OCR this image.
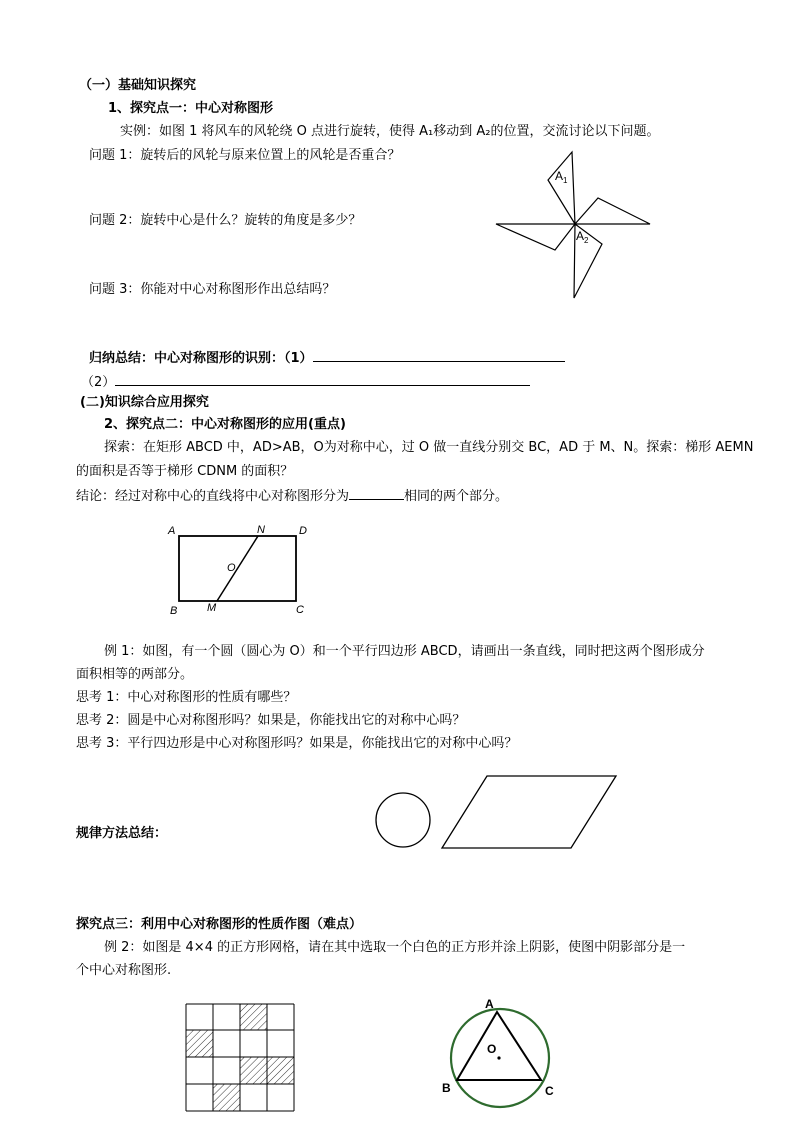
（一）基础知识探究
1、探究点一：中心对称图形
实例：如图 1 将风车的风轮绕 O 点进行旋转，使得 A₁移动到 A₂的位置，交流讨论以下问题。
问题 1：旋转后的风轮与原来位置上的风轮是否重合？
问题 2：旋转中心是什么？旋转的角度是多少？
问题 3：你能对中心对称图形作出总结吗？
$A_1$
$A_2$
归纳总结：中心对称图形的识别：（1）
（2）
(二)知识综合应用探究
2、探究点二：中心对称图形的应用(重点)
探索：在矩形 ABCD 中，AD>AB，O为对称中心，过 O 做一直线分别交 BC，AD 于 M、N。探索：梯形 AEMN
的面积是否等于梯形 CDNM 的面积？
结论：经过对称中心的直线将中心对称图形分为	相同的两个部分。
A	N	D
O
B	M	C
例 1：如图，有一个圆（圆心为 O）和一个平行四边形 ABCD，请画出一条直线，同时把这两个图形成分
面积相等的两部分。
思考 1：中心对称图形的性质有哪些？
思考 2：圆是中心对称图形吗？如果是，你能找出它的对称中心吗？
思考 3：平行四边形是中心对称图形吗？如果是，你能找出它的对称中心吗？
规律方法总结：
探究点三：利用中心对称图形的性质作图（难点）
例 2：如图是 4×4 的正方形网格，请在其中选取一个白色的正方形并涂上阴影，使图中阴影部分是一
个中心对称图形.
A
O
B	C
